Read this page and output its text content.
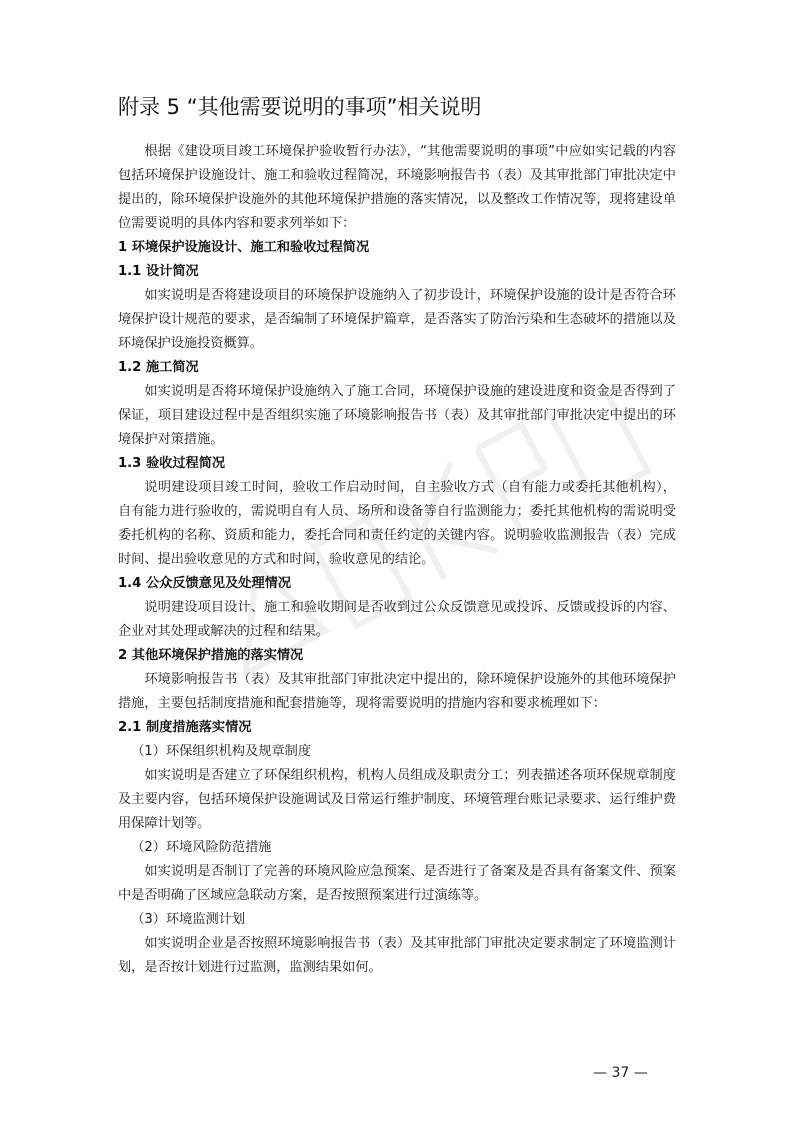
附录 5 “其他需要说明的事项”相关说明

根据《建设项目竣工环境保护验收暂行办法》，“其他需要说明的事项”中应如实记载的内容包括环境保护设施设计、施工和验收过程简况，环境影响报告书（表）及其审批部门审批决定中提出的，除环境保护设施外的其他环境保护措施的落实情况，以及整改工作情况等，现将建设单位需要说明的具体内容和要求列举如下：

1 环境保护设施设计、施工和验收过程简况

1.1 设计简况

如实说明是否将建设项目的环境保护设施纳入了初步设计，环境保护设施的设计是否符合环境保护设计规范的要求，是否编制了环境保护篇章，是否落实了防治污染和生态破坏的措施以及环境保护设施投资概算。

1.2 施工简况

如实说明是否将环境保护设施纳入了施工合同，环境保护设施的建设进度和资金是否得到了保证，项目建设过程中是否组织实施了环境影响报告书（表）及其审批部门审批决定中提出的环境保护对策措施。

1.3 验收过程简况

说明建设项目竣工时间，验收工作启动时间，自主验收方式（自有能力或委托其他机构），自有能力进行验收的，需说明自有人员、场所和设备等自行监测能力；委托其他机构的需说明受委托机构的名称、资质和能力，委托合同和责任约定的关键内容。说明验收监测报告（表）完成时间、提出验收意见的方式和时间，验收意见的结论。

1.4 公众反馈意见及处理情况

说明建设项目设计、施工和验收期间是否收到过公众反馈意见或投诉、反馈或投诉的内容、企业对其处理或解决的过程和结果。

2 其他环境保护措施的落实情况

环境影响报告书（表）及其审批部门审批决定中提出的，除环境保护设施外的其他环境保护措施，主要包括制度措施和配套措施等，现将需要说明的措施内容和要求梳理如下：

2.1 制度措施落实情况

（1）环保组织机构及规章制度

如实说明是否建立了环保组织机构，机构人员组成及职责分工；列表描述各项环保规章制度及主要内容，包括环境保护设施调试及日常运行维护制度、环境管理台账记录要求、运行维护费用保障计划等。

（2）环境风险防范措施

如实说明是否制订了完善的环境风险应急预案、是否进行了备案及是否具有备案文件、预案中是否明确了区域应急联动方案，是否按照预案进行过演练等。

（3）环境监测计划

如实说明企业是否按照环境影响报告书（表）及其审批部门审批决定要求制定了环境监测计划，是否按计划进行过监测，监测结果如何。

— 37 —
